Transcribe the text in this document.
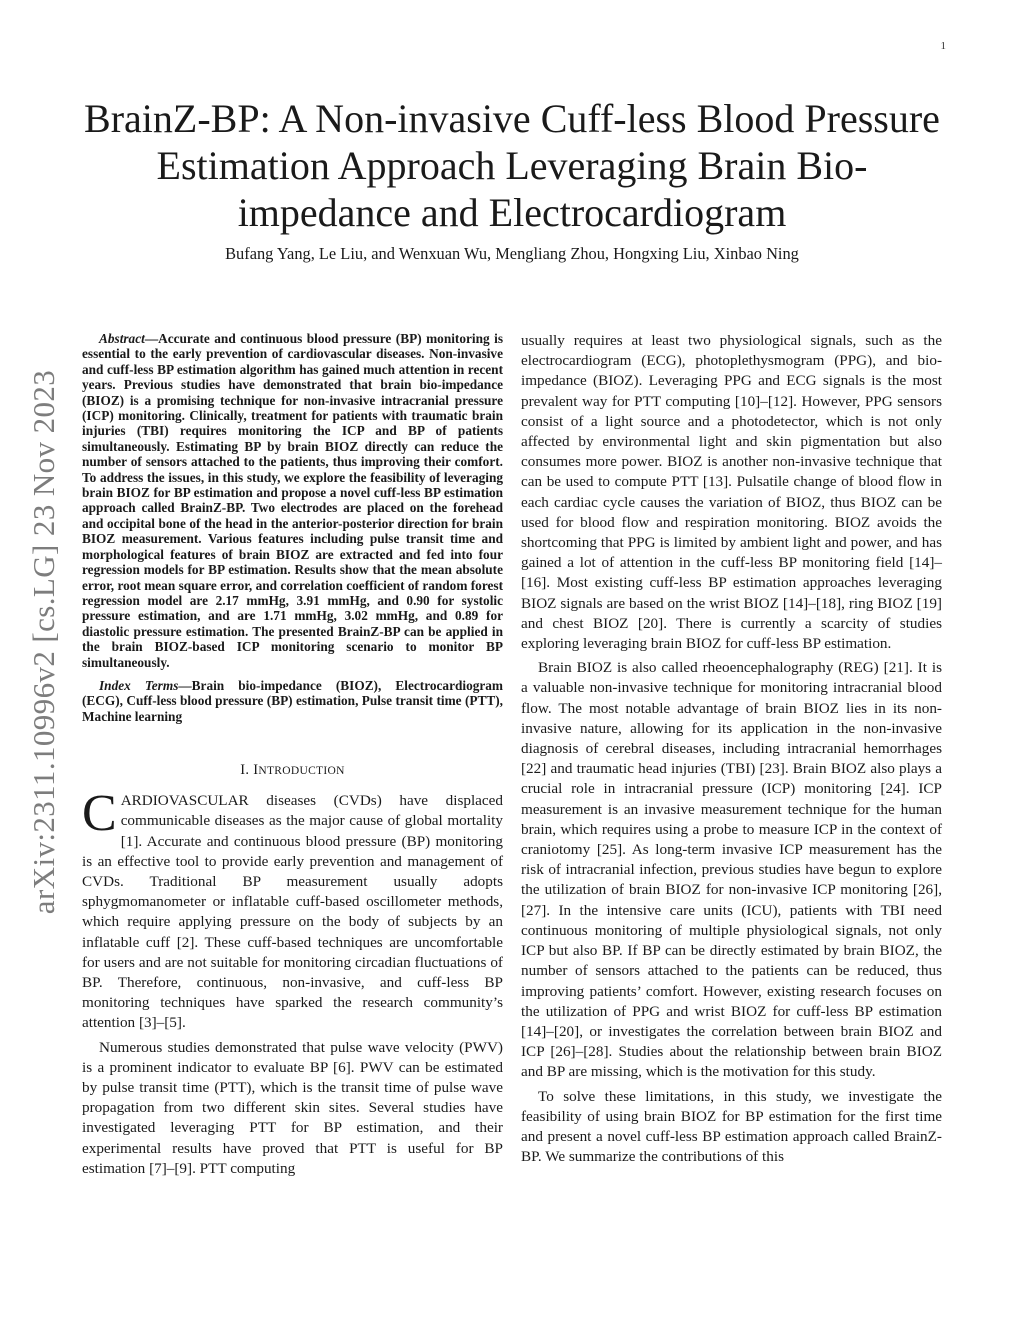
1
arXiv:2311.10996v2 [cs.LG] 23 Nov 2023
BrainZ-BP: A Non-invasive Cuff-less Blood Pressure Estimation Approach Leveraging Brain Bio-impedance and Electrocardiogram
Bufang Yang, Le Liu, and Wenxuan Wu, Mengliang Zhou, Hongxing Liu, Xinbao Ning

Abstract—Accurate and continuous blood pressure (BP) monitoring is essential to the early prevention of cardiovascular diseases. Non-invasive and cuff-less BP estimation algorithm has gained much attention in recent years. Previous studies have demonstrated that brain bio-impedance (BIOZ) is a promising technique for non-invasive intracranial pressure (ICP) monitoring. Clinically, treatment for patients with traumatic brain injuries (TBI) requires monitoring the ICP and BP of patients simultaneously. Estimating BP by brain BIOZ directly can reduce the number of sensors attached to the patients, thus improving their comfort. To address the issues, in this study, we explore the feasibility of leveraging brain BIOZ for BP estimation and propose a novel cuff-less BP estimation approach called BrainZ-BP. Two electrodes are placed on the forehead and occipital bone of the head in the anterior-posterior direction for brain BIOZ measurement. Various features including pulse transit time and morphological features of brain BIOZ are extracted and fed into four regression models for BP estimation. Results show that the mean absolute error, root mean square error, and correlation coefficient of random forest regression model are 2.17 mmHg, 3.91 mmHg, and 0.90 for systolic pressure estimation, and are 1.71 mmHg, 3.02 mmHg, and 0.89 for diastolic pressure estimation. The presented BrainZ-BP can be applied in the brain BIOZ-based ICP monitoring scenario to monitor BP simultaneously.

Index Terms—Brain bio-impedance (BIOZ), Electrocardiogram (ECG), Cuff-less blood pressure (BP) estimation, Pulse transit time (PTT), Machine learning

I. INTRODUCTION

CARDIOVASCULAR diseases (CVDs) have displaced communicable diseases as the major cause of global mortality [1]. Accurate and continuous blood pressure (BP) monitoring is an effective tool to provide early prevention and management of CVDs. Traditional BP measurement usually adopts sphygmomanometer or inflatable cuff-based oscillometer methods, which require applying pressure on the body of subjects by an inflatable cuff [2]. These cuff-based techniques are uncomfortable for users and are not suitable for monitoring circadian fluctuations of BP. Therefore, continuous, non-invasive, and cuff-less BP monitoring techniques have sparked the research community’s attention [3]–[5].

Numerous studies demonstrated that pulse wave velocity (PWV) is a prominent indicator to evaluate BP [6]. PWV can be estimated by pulse transit time (PTT), which is the transit time of pulse wave propagation from two different skin sites. Several studies have investigated leveraging PTT for BP estimation, and their experimental results have proved that PTT is useful for BP estimation [7]–[9]. PTT computing

usually requires at least two physiological signals, such as the electrocardiogram (ECG), photoplethysmogram (PPG), and bio-impedance (BIOZ). Leveraging PPG and ECG signals is the most prevalent way for PTT computing [10]–[12]. However, PPG sensors consist of a light source and a photodetector, which is not only affected by environmental light and skin pigmentation but also consumes more power. BIOZ is another non-invasive technique that can be used to compute PTT [13]. Pulsatile change of blood flow in each cardiac cycle causes the variation of BIOZ, thus BIOZ can be used for blood flow and respiration monitoring. BIOZ avoids the shortcoming that PPG is limited by ambient light and power, and has gained a lot of attention in the cuff-less BP monitoring field [14]–[16]. Most existing cuff-less BP estimation approaches leveraging BIOZ signals are based on the wrist BIOZ [14]–[18], ring BIOZ [19] and chest BIOZ [20]. There is currently a scarcity of studies exploring leveraging brain BIOZ for cuff-less BP estimation.

Brain BIOZ is also called rheoencephalography (REG) [21]. It is a valuable non-invasive technique for monitoring intracranial blood flow. The most notable advantage of brain BIOZ lies in its non-invasive nature, allowing for its application in the non-invasive diagnosis of cerebral diseases, including intracranial hemorrhages [22] and traumatic head injuries (TBI) [23]. Brain BIOZ also plays a crucial role in intracranial pressure (ICP) monitoring [24]. ICP measurement is an invasive measurement technique for the human brain, which requires using a probe to measure ICP in the context of craniotomy [25]. As long-term invasive ICP measurement has the risk of intracranial infection, previous studies have begun to explore the utilization of brain BIOZ for non-invasive ICP monitoring [26], [27]. In the intensive care units (ICU), patients with TBI need continuous monitoring of multiple physiological signals, not only ICP but also BP. If BP can be directly estimated by brain BIOZ, the number of sensors attached to the patients can be reduced, thus improving patients’ comfort. However, existing research focuses on the utilization of PPG and wrist BIOZ for cuff-less BP estimation [14]–[20], or investigates the correlation between brain BIOZ and ICP [26]–[28]. Studies about the relationship between brain BIOZ and BP are missing, which is the motivation for this study.

To solve these limitations, in this study, we investigate the feasibility of using brain BIOZ for BP estimation for the first time and present a novel cuff-less BP estimation approach called BrainZ-BP. We summarize the contributions of this
